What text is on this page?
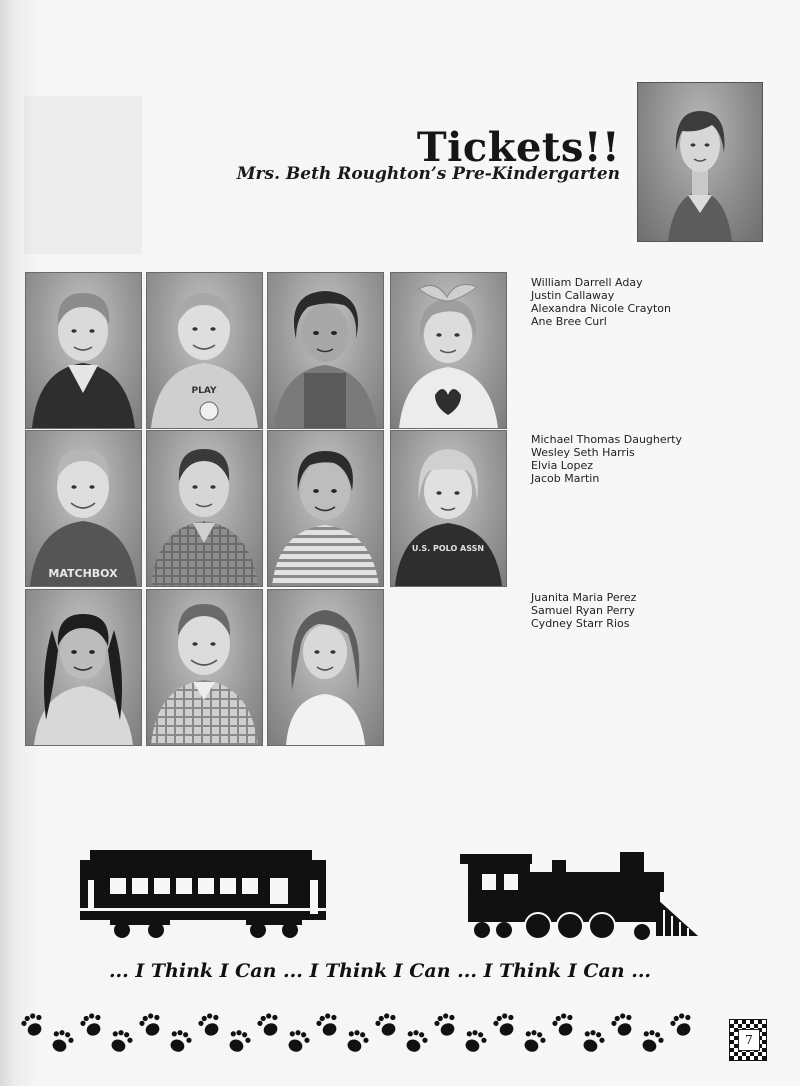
Tickets!!
Mrs. Beth Roughton’s Pre-Kindergarten
PLAY
MATCHBOX
U.S. POLO ASSN
William Darrell Aday
Justin Callaway
Alexandra Nicole Crayton
Ane Bree Curl
Michael Thomas Daugherty
Wesley Seth Harris
Elvia Lopez
Jacob Martin
Juanita Maria Perez
Samuel Ryan Perry
Cydney Starr Rios
... I Think I Can ... I Think I Can ... I Think I Can ...
7
